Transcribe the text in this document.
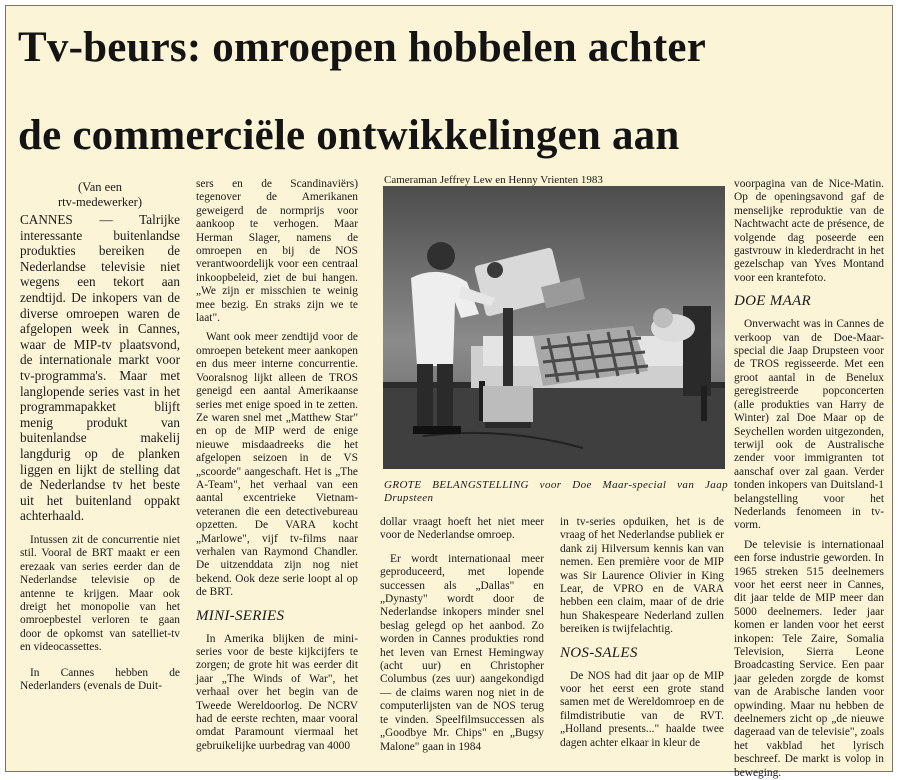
Tv-beurs: omroepen hobbelen achter
de commerciële ontwikkelingen aan
(Van een
rtv-medewerker)

CANNES — Talrijke interessante buitenlandse produkties bereiken de Nederlandse televisie niet wegens een tekort aan zendtijd. De inkopers van de diverse omroepen waren de afgelopen week in Cannes, waar de MIP-tv plaatsvond, de internationale markt voor tv-programma's. Maar met langlopende series vast in het programmapakket blijft menig produkt van buitenlandse makelij langdurig op de planken liggen en lijkt de stelling dat de Nederlandse tv het beste uit het buitenland oppakt achterhaald.

Intussen zit de concurrentie niet stil. Vooral de BRT maakt er een erezaak van series eerder dan de Nederlandse televisie op de antenne te krijgen. Maar ook dreigt het monopolie van het omroepbestel verloren te gaan door de opkomst van satelliet-tv en videocassettes.

In Cannes hebben de Nederlanders (evenals de Duit-

sers en de Scandinaviërs) tegenover de Amerikanen geweigerd de normprijs voor aankoop te verhogen. Maar Herman Slager, namens de omroepen en bij de NOS verantwoordelijk voor een centraal inkoopbeleid, ziet de bui hangen. „We zijn er misschien te weinig mee bezig. En straks zijn we te laat".

Want ook meer zendtijd voor de omroepen betekent meer aankopen en dus meer interne concurrentie. Vooralsnog lijkt alleen de TROS geneigd een aantal Amerikaanse series met enige spoed in te zetten. Ze waren snel met „Matthew Star" en op de MIP werd de enige nieuwe misdaadreeks die het afgelopen seizoen in de VS „scoorde" aangeschaft. Het is „The A-Team", het verhaal van een aantal excentrieke Vietnam-veteranen die een detectivebureau opzetten. De VARA kocht „Marlowe", vijf tv-films naar verhalen van Raymond Chandler. De uitzenddata zijn nog niet bekend. Ook deze serie loopt al op de BRT.

MINI-SERIES

In Amerika blijken de mini-series voor de beste kijkcijfers te zorgen; de grote hit was eerder dit jaar „The Winds of War", het verhaal over het begin van de Tweede Wereldoorlog. De NCRV had de eerste rechten, maar vooral omdat Paramount viermaal het gebruikelijke uurbedrag van 4000

Cameraman Jeffrey Lew en Henny Vrienten 1983
GROTE BELANGSTELLING voor Doe Maar-special van Jaap Drupsteen

dollar vraagt hoeft het niet meer voor de Nederlandse omroep.

Er wordt internationaal meer geproduceerd, met lopende successen als „Dallas" en „Dynasty" wordt door de Nederlandse inkopers minder snel beslag gelegd op het aanbod. Zo worden in Cannes produkties rond het leven van Ernest Hemingway (acht uur) en Christopher Columbus (zes uur) aangekondigd — de claims waren nog niet in de computerlijsten van de NOS terug te vinden. Speelfilmsuccessen als „Goodbye Mr. Chips" en „Bugsy Malone" gaan in 1984

in tv-series opduiken, het is de vraag of het Nederlandse publiek er dank zij Hilversum kennis kan van nemen. Een première voor de MIP was Sir Laurence Olivier in King Lear, de VPRO en de VARA hebben een claim, maar of de drie hun Shakespeare Nederland zullen bereiken is twijfelachtig.

NOS-SALES

De NOS had dit jaar op de MIP voor het eerst een grote stand samen met de Wereldomroep en de filmdistributie van de RVT. „Holland presents..." haalde twee dagen achter elkaar in kleur de

voorpagina van de Nice-Matin. Op de openingsavond gaf de menselijke reproduktie van de Nachtwacht acte de présence, de volgende dag poseerde een gastvrouw in klederdracht in het gezelschap van Yves Montand voor een krantefoto.

DOE MAAR

Onverwacht was in Cannes de verkoop van de Doe-Maar-special die Jaap Drupsteen voor de TROS regisseerde. Met een groot aantal in de Benelux geregistreerde popconcerten (alle produkties van Harry de Winter) zal Doe Maar op de Seychellen worden uitgezonden, terwijl ook de Australische zender voor immigranten tot aanschaf over zal gaan. Verder tonden inkopers van Duitsland-1 belangstelling voor het Nederlands fenomeen in tv-vorm.

De televisie is internationaal een forse industrie geworden. In 1965 streken 515 deelnemers voor het eerst neer in Cannes, dit jaar telde de MIP meer dan 5000 deelnemers. Ieder jaar komen er landen voor het eerst inkopen: Tele Zaire, Somalia Television, Sierra Leone Broadcasting Service. Een paar jaar geleden zorgde de komst van de Arabische landen voor opwinding. Maar nu hebben de deelnemers zicht op „de nieuwe dageraad van de televisie", zoals het vakblad het lyrisch beschreef. De markt is volop in beweging.
